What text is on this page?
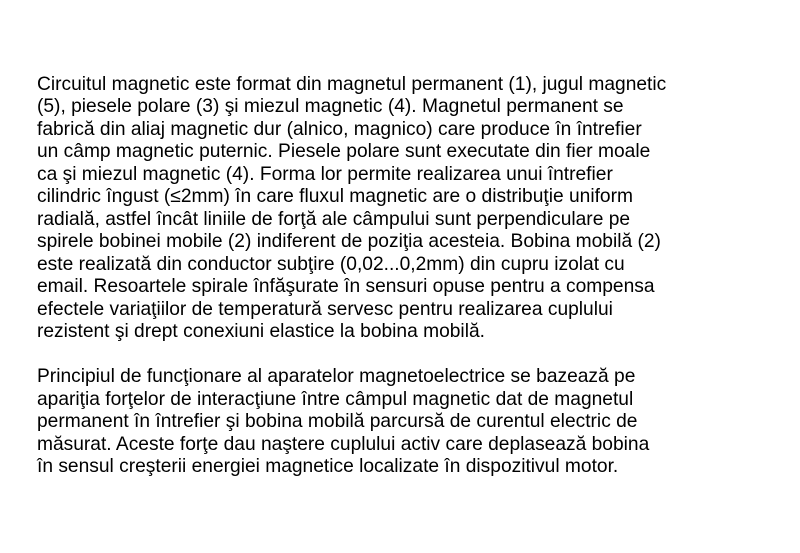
Circuitul magnetic este format din magnetul permanent (1), jugul magnetic
(5), piesele polare (3) şi miezul magnetic (4). Magnetul permanent se
fabrică din aliaj magnetic dur (alnico, magnico) care produce în întrefier
un câmp magnetic puternic. Piesele polare sunt executate din fier moale
ca şi miezul magnetic (4). Forma lor permite realizarea unui întrefier
cilindric îngust (≤2mm) în care fluxul magnetic are o distribuţie uniform
radială, astfel încât liniile de forţă ale câmpului sunt perpendiculare pe
spirele bobinei mobile (2) indiferent de poziţia acesteia. Bobina mobilă (2)
este realizată din conductor subţire (0,02...0,2mm) din cupru izolat cu
email. Resoartele spirale înfăşurate în sensuri opuse pentru a compensa
efectele variaţiilor de temperatură servesc pentru realizarea cuplului
rezistent şi drept conexiuni elastice la bobina mobilă.

Principiul de funcţionare al aparatelor magnetoelectrice se bazează pe
apariţia forţelor de interacţiune între câmpul magnetic dat de magnetul
permanent în întrefier şi bobina mobilă parcursă de curentul electric de
măsurat. Aceste forţe dau naştere cuplului activ care deplasează bobina
în sensul creşterii energiei magnetice localizate în dispozitivul motor.
